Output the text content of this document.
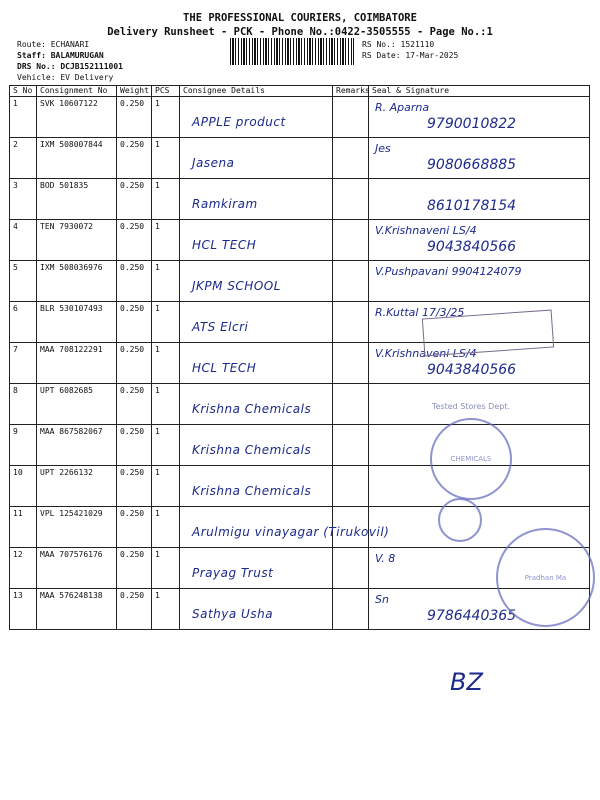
THE PROFESSIONAL COURIERS, COIMBATORE
Delivery Runsheet - PCK - Phone No.:0422-3505555 - Page No.:1
Route: ECHANARI
Staff: BALAMURUGAN
DRS No.: DCJB152111001
Vehicle: EV Delivery
RS No.: 1521110
RS Date: 17-Mar-2025
S No	Consignment No	Weight	PCS	Consignee Details	Remarks	Seal & Signature
1	SVK 10607122	0.250	1	APPLE product		R. Aparna
9790010822

2	IXM 508007844	0.250	1	Jasena		Jes
9080668885

3	BOD 501835	0.250	1	Ramkiram		8610178154

4	TEN 7930072	0.250	1	HCL TECH		V.Krishnaveni LS/4
9043840566

5	IXM 508036976	0.250	1	JKPM SCHOOL		V.Pushpavani 9904124079

6	BLR 530107493	0.250	1	ATS Elcri		R.Kuttal 17/3/25

7	MAA 708122291	0.250	1	HCL TECH		V.Krishnaveni LS/4
9043840566

8	UPT 6082685	0.250	1	Krishna Chemicals		

9	MAA 867582067	0.250	1	Krishna Chemicals		

10	UPT 2266132	0.250	1	Krishna Chemicals		

11	VPL 125421029	0.250	1	Arulmigu vinayagar (Tirukovil)		

12	MAA 707576176	0.250	1	Prayag Trust		V. 8

13	MAA 576248138	0.250	1	Sathya Usha		Sn
9786440365
CHEMICALS
Pradhan Ma
Tested Stores Dept.
BZ
